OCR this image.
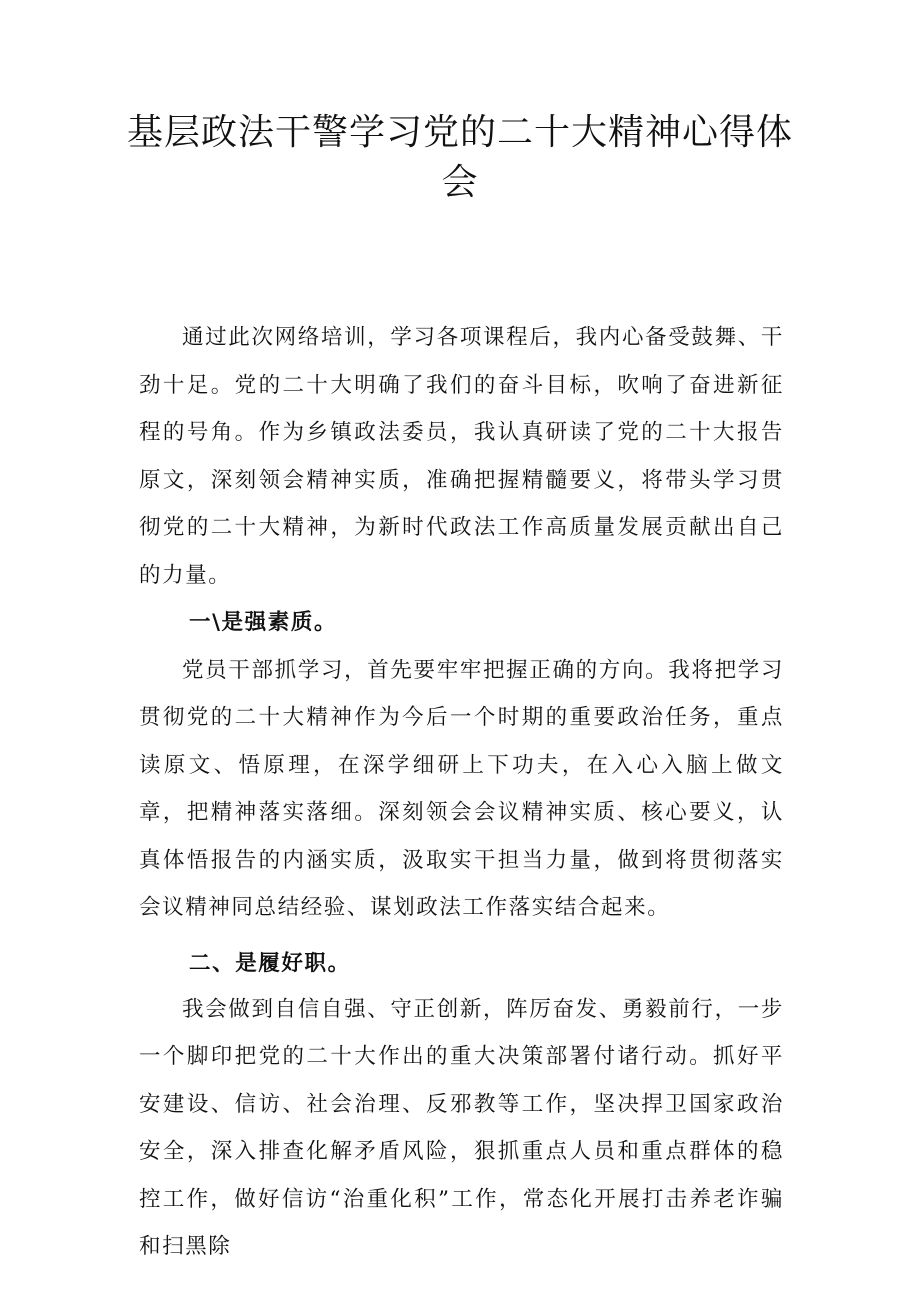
基层政法干警学习党的二十大精神心得体会

通过此次网络培训，学习各项课程后，我内心备受鼓舞、干劲十足。党的二十大明确了我们的奋斗目标，吹响了奋进新征程的号角。作为乡镇政法委员，我认真研读了党的二十大报告原文，深刻领会精神实质，准确把握精髓要义，将带头学习贯彻党的二十大精神，为新时代政法工作高质量发展贡献出自己的力量。

一\是强素质。

党员干部抓学习，首先要牢牢把握正确的方向。我将把学习贯彻党的二十大精神作为今后一个时期的重要政治任务，重点读原文、悟原理，在深学细研上下功夫，在入心入脑上做文章，把精神落实落细。深刻领会会议精神实质、核心要义，认真体悟报告的内涵实质，汲取实干担当力量，做到将贯彻落实会议精神同总结经验、谋划政法工作落实结合起来。

二、是履好职。

我会做到自信自强、守正创新，阵厉奋发、勇毅前行，一步一个脚印把党的二十大作出的重大决策部署付诸行动。抓好平安建设、信访、社会治理、反邪教等工作，坚决捍卫国家政治安全，深入排查化解矛盾风险，狠抓重点人员和重点群体的稳控工作，做好信访“治重化积”工作，常态化开展打击养老诈骗和扫黑除
